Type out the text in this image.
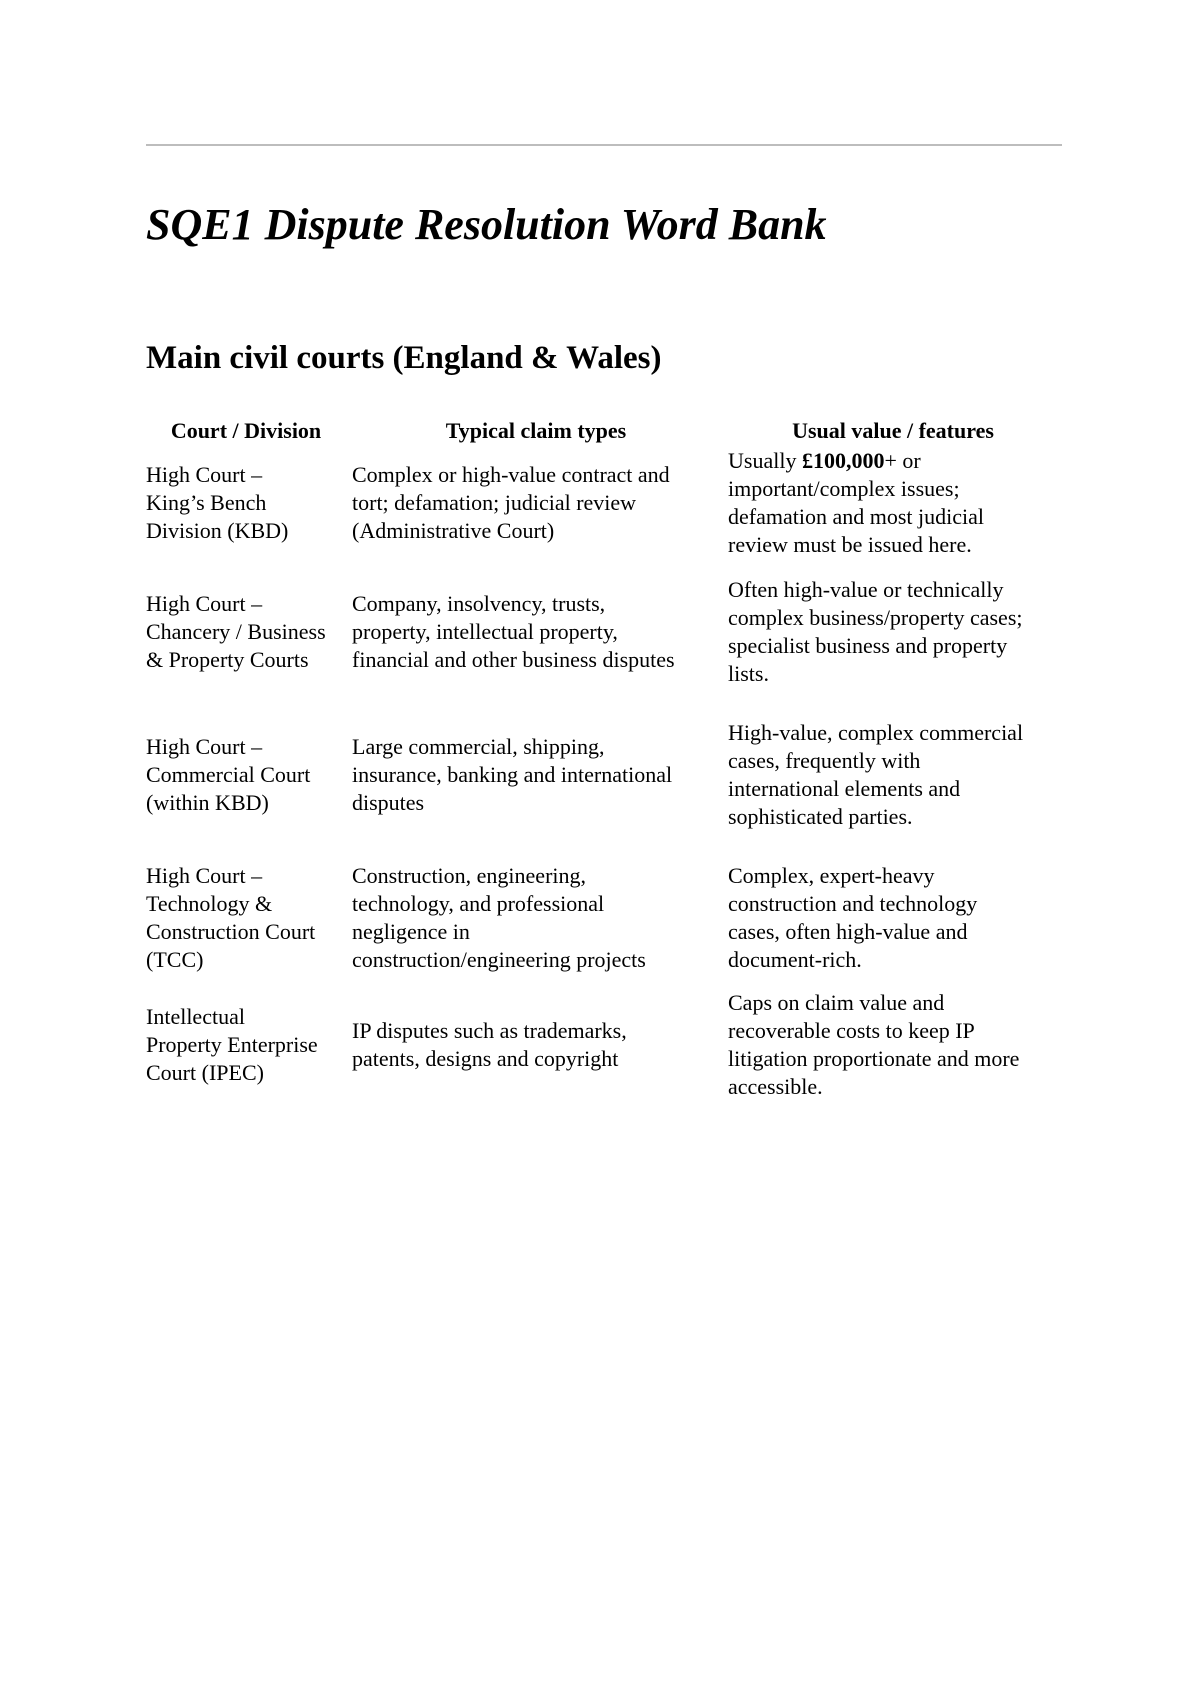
SQE1 Dispute Resolution Word Bank
Main civil courts (England & Wales)
Court / Division	Typical claim types	Usual value / features

High Court –
King’s Bench
Division (KBD)	Complex or high-value contract and
tort; defamation; judicial review
(Administrative Court)	Usually £100,000+ or
important/complex issues;
defamation and most judicial
review must be issued here.

High Court –
Chancery / Business
& Property Courts	Company, insolvency, trusts,
property, intellectual property,
financial and other business disputes	Often high-value or technically
complex business/property cases;
specialist business and property
lists.

High Court –
Commercial Court
(within KBD)	Large commercial, shipping,
insurance, banking and international
disputes	High-value, complex commercial
cases, frequently with
international elements and
sophisticated parties.

High Court –
Technology &
Construction Court
(TCC)	Construction, engineering,
technology, and professional
negligence in
construction/engineering projects	Complex, expert-heavy
construction and technology
cases, often high-value and
document-rich.

Intellectual
Property Enterprise
Court (IPEC)	IP disputes such as trademarks,
patents, designs and copyright	Caps on claim value and
recoverable costs to keep IP
litigation proportionate and more
accessible.
